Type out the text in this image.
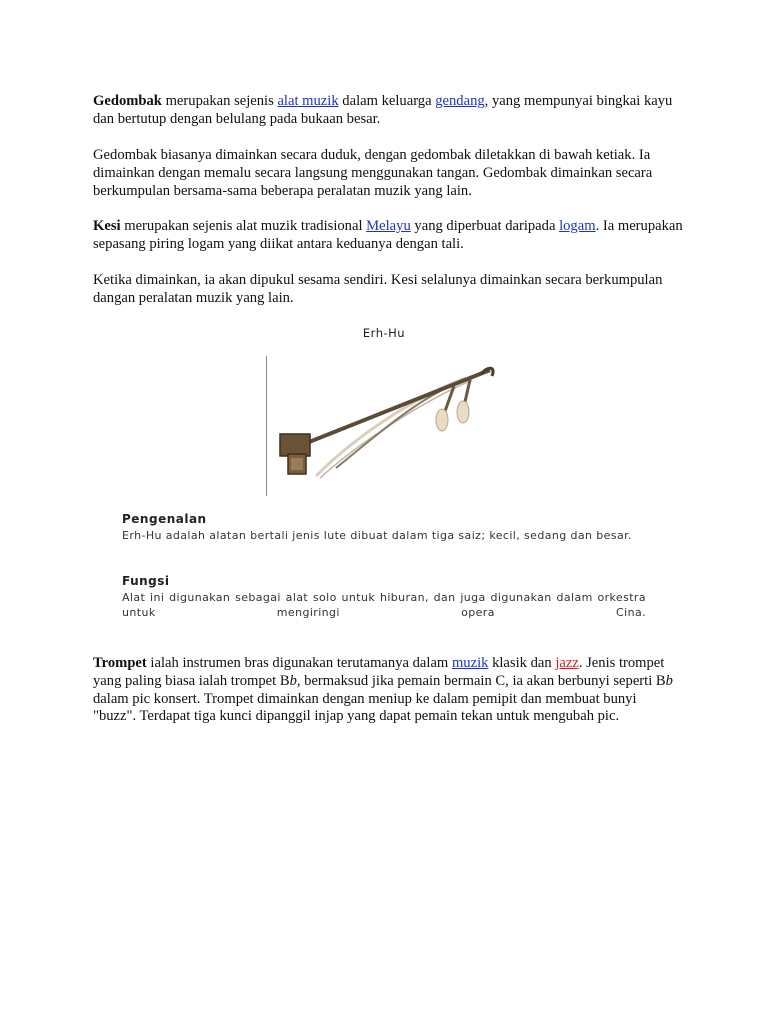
Gedombak merupakan sejenis alat muzik dalam keluarga gendang, yang mempunyai bingkai kayu dan bertutup dengan belulang pada bukaan besar.

Gedombak biasanya dimainkan secara duduk, dengan gedombak diletakkan di bawah ketiak. Ia dimainkan dengan memalu secara langsung menggunakan tangan. Gedombak dimainkan secara berkumpulan bersama-sama beberapa peralatan muzik yang lain.

Kesi merupakan sejenis alat muzik tradisional Melayu yang diperbuat daripada logam. Ia merupakan sepasang piring logam yang diikat antara keduanya dengan tali.

Ketika dimainkan, ia akan dipukul sesama sendiri. Kesi selalunya dimainkan secara berkumpulan dangan peralatan muzik yang lain.

Erh-Hu

Pengenalan

Erh-Hu adalah alatan bertali jenis lute dibuat dalam tiga saiz; kecil, sedang dan besar.

Fungsi

Alat ini digunakan sebagai alat solo untuk hiburan, dan juga digunakan dalam orkestra untuk mengiringi opera Cina.

Trompet ialah instrumen bras digunakan terutamanya dalam muzik klasik dan jazz. Jenis trompet yang paling biasa ialah trompet Bb, bermaksud jika pemain bermain C, ia akan berbunyi seperti Bb dalam pic konsert. Trompet dimainkan dengan meniup ke dalam pemipit dan membuat bunyi "buzz". Terdapat tiga kunci dipanggil injap yang dapat pemain tekan untuk mengubah pic.
